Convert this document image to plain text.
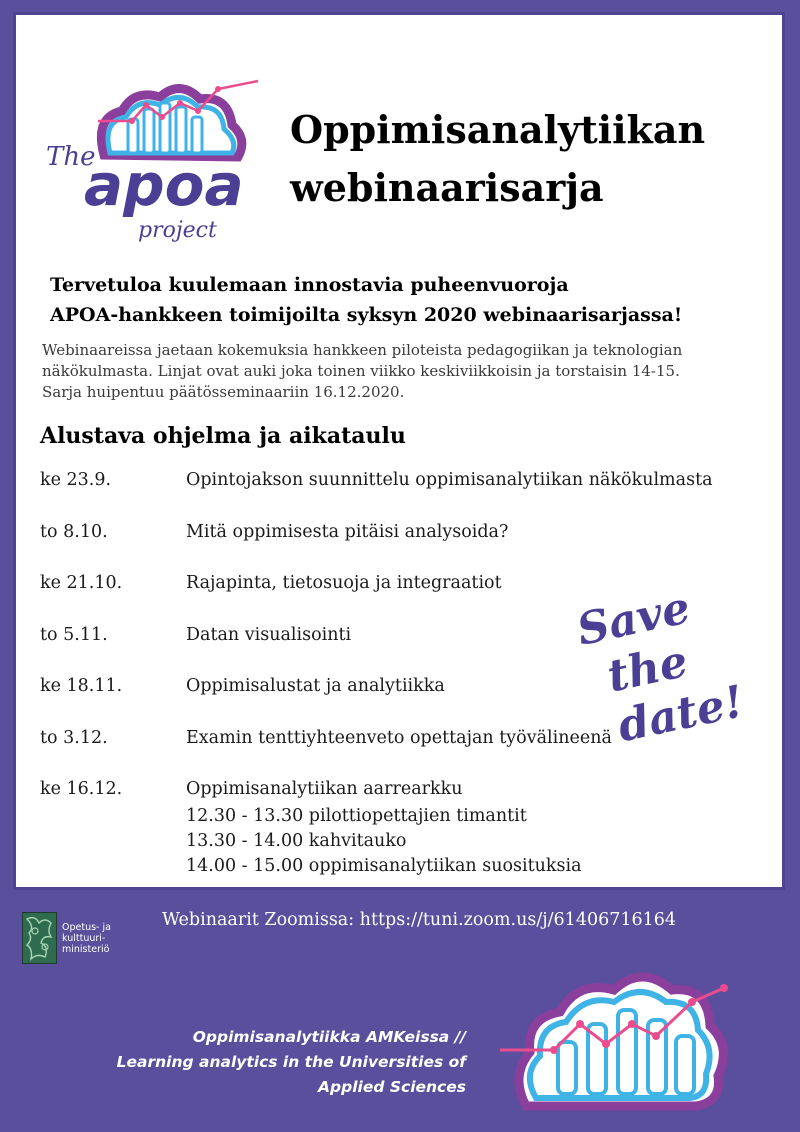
The
apoa
project
Oppimisanalytiikan
webinaarisarja
Tervetuloa kuulemaan innostavia puheenvuoroja
APOA-hankkeen toimijoilta syksyn 2020 webinaarisarjassa!
Webinaareissa jaetaan kokemuksia hankkeen piloteista pedagogiikan ja teknologian
näkökulmasta. Linjat ovat auki joka toinen viikko keskiviikkoisin ja torstaisin 14-15.
Sarja huipentuu päätösseminaariin 16.12.2020.
Alustava ohjelma ja aikataulu
ke 23.9.	Opintojakson suunnittelu oppimisanalytiikan näkökulmasta
to 8.10.	Mitä oppimisesta pitäisi analysoida?
ke 21.10.	Rajapinta, tietosuoja ja integraatiot
to 5.11.	Datan visualisointi
ke 18.11.	Oppimisalustat ja analytiikka
to 3.12.	Examin tenttiyhteenveto opettajan työvälineenä
ke 16.12.	Oppimisanalytiikan aarrearkku
12.30 - 13.30 pilottiopettajien timantit
13.30 - 14.00 kahvitauko
14.00 - 15.00 oppimisanalytiikan suosituksia
Save
the date!
Opetus- ja
kulttuuri-
ministeriö
Webinaarit Zoomissa: https://tuni.zoom.us/j/61406716164
Oppimisanalytiikka AMKeissa //
Learning analytics in the Universities of Applied Sciences
